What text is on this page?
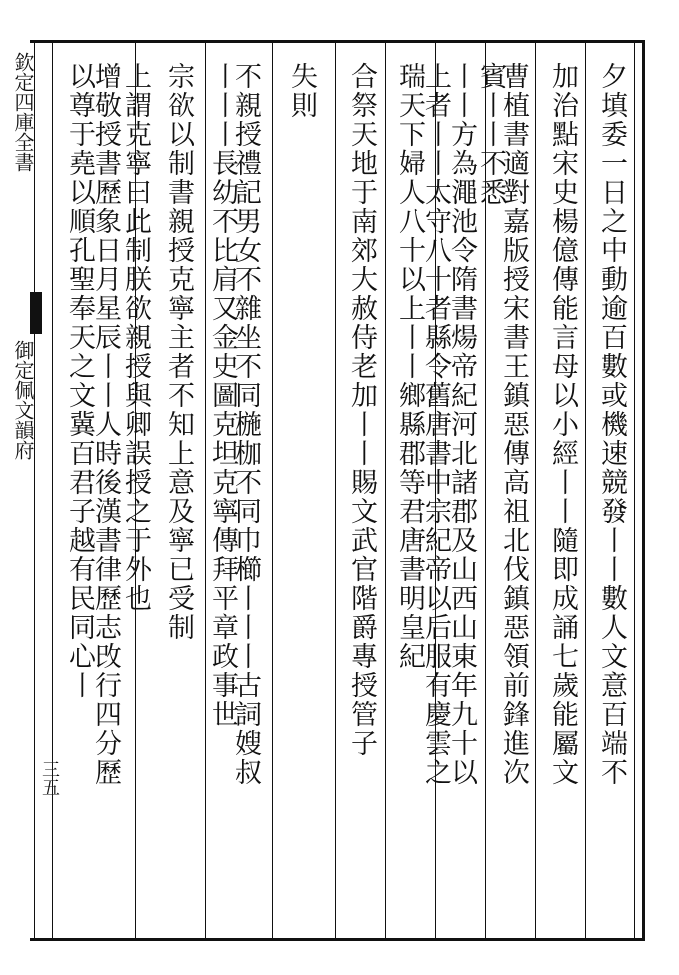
欽定四庫全書
御定佩文韻府
三五	夕填委一日之中動逾百數或機速競發丨丨數人文意百端不
加治點宋史楊億傳能言母以小經丨丨隨即成誦七歲能屬文
曹植書適對嘉版授宋書王鎮惡傳高祖北伐鎮惡領前鋒進次
賓丨丨不悉
丨丨方為澠池令隋書煬帝紀河北諸郡及山西山東年九十以
上者丨丨太守八十者縣令舊唐書中宗紀帝以后服有慶雲之
瑞天下婦人八十以上丨丨鄉縣郡等君唐書明皇紀
合祭天地于南郊大赦侍老加丨丨賜文武官階爵專授管子
失則
不親授禮記男女不雜坐不同椸枷不同巾櫛丨丨丨古詞嫂叔
丨丨丨長幼不比肩又金史圖克坦克寧傳拜平章政事世
宗欲以制書親授克寧主者不知上意及寧已受制
上謂克寧曰此制朕欲親授與卿誤授之于外也
增敬授書歷象日月星辰丨丨人時後漢書律歷志攺行四分歷
以尊于堯以順孔聖奉天之文冀百君子越有民同心丨
